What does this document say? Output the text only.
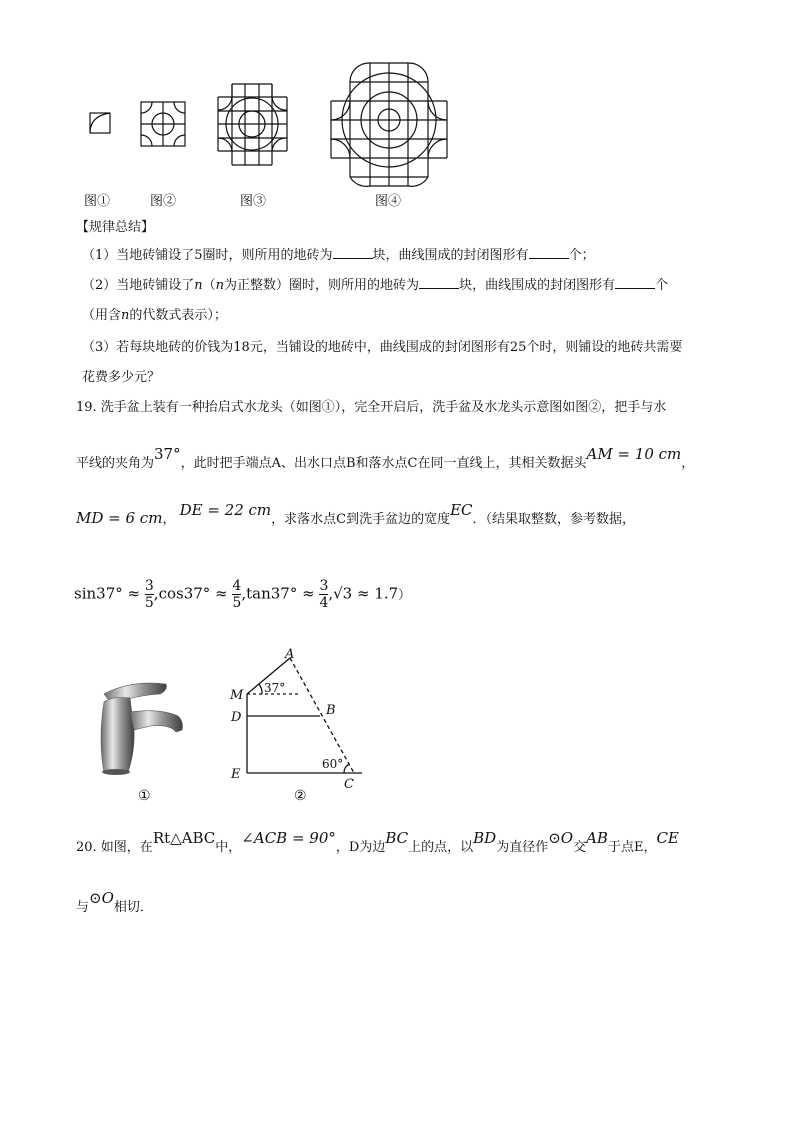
图①	图②	图③	图④
【规律总结】
（1）当地砖铺设了5圈时，则所用的地砖为	块，曲线围成的封闭图形有	个；
（2）当地砖铺设了n（n为正整数）圈时，则所用的地砖为	块，曲线围成的封闭图形有	个
（用含n的代数式表示）；
（3）若每块地砖的价钱为18元，当铺设的地砖中，曲线围成的封闭图形有25个时，则铺设的地砖共需要
花费多少元？
19. 洗手盆上装有一种抬启式水龙头（如图①），完全开启后，洗手盆及水龙头示意图如图②，把手与水
平线的夹角为37°，此时把手端点A、出水口点B和落水点C在同一直线上，其相关数据头AM = 10 cm，
MD = 6 cm， DE = 22 cm，求落水点C到洗手盆边的宽度EC．（结果取整数，参考数据，
$\sin 37^\circ \approx \frac{3}{5} ,\cos 37^\circ \approx \frac{4}{5} ,\tan 37^\circ \approx \frac{3}{4} ,√3 \approx 1.7$）
①
A
M
D	B
E
C
37°
60°
②
20. 如图，在Rt△ABC中，∠ACB = 90°，D为边BC上的点，以BD为直径作⊙O交AB于点E，CE
与⊙O相切．
